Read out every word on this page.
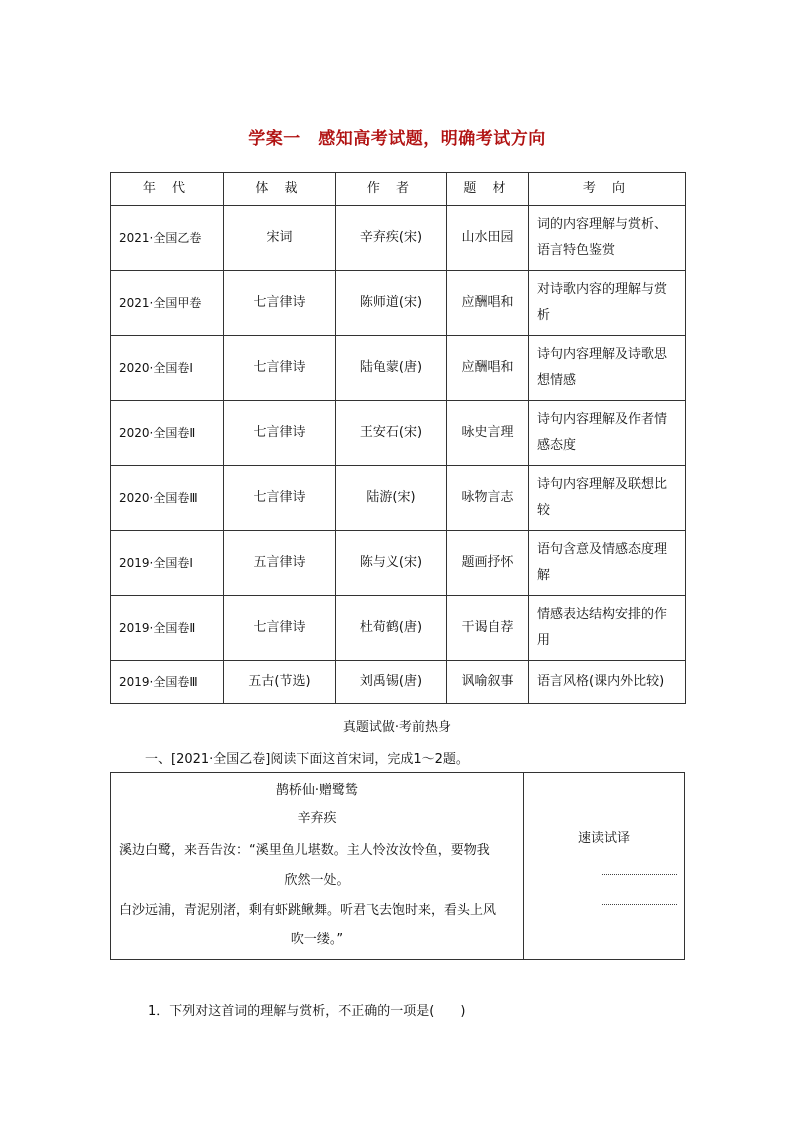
学案一　感知高考试题，明确考试方向
年 代	体 裁	作 者	题 材	考 向
2021·全国乙卷	宋词	辛弃疾(宋)	山水田园	词的内容理解与赏析、语言特色鉴赏
2021·全国甲卷	七言律诗	陈师道(宋)	应酬唱和	对诗歌内容的理解与赏析
2020·全国卷Ⅰ	七言律诗	陆龟蒙(唐)	应酬唱和	诗句内容理解及诗歌思想情感
2020·全国卷Ⅱ	七言律诗	王安石(宋)	咏史言理	诗句内容理解及作者情感态度
2020·全国卷Ⅲ	七言律诗	陆游(宋)	咏物言志	诗句内容理解及联想比较
2019·全国卷Ⅰ	五言律诗	陈与义(宋)	题画抒怀	语句含意及情感态度理解
2019·全国卷Ⅱ	七言律诗	杜荀鹤(唐)	干谒自荐	情感表达结构安排的作用
2019·全国卷Ⅲ	五古(节选)	刘禹锡(唐)	讽喻叙事	语言风格(课内外比较)
真题试做·考前热身
一、[2021·全国乙卷]阅读下面这首宋词，完成1～2题。
鹊桥仙·赠鹭鸶
辛弃疾
溪边白鹭，来吾告汝：“溪里鱼儿堪数。主人怜汝汝怜鱼，要物我
欣然一处。
白沙远浦，青泥别渚，剩有虾跳鳅舞。听君飞去饱时来，看头上风
吹一缕。”
速读试译
1．下列对这首词的理解与赏析，不正确的一项是(　　)
